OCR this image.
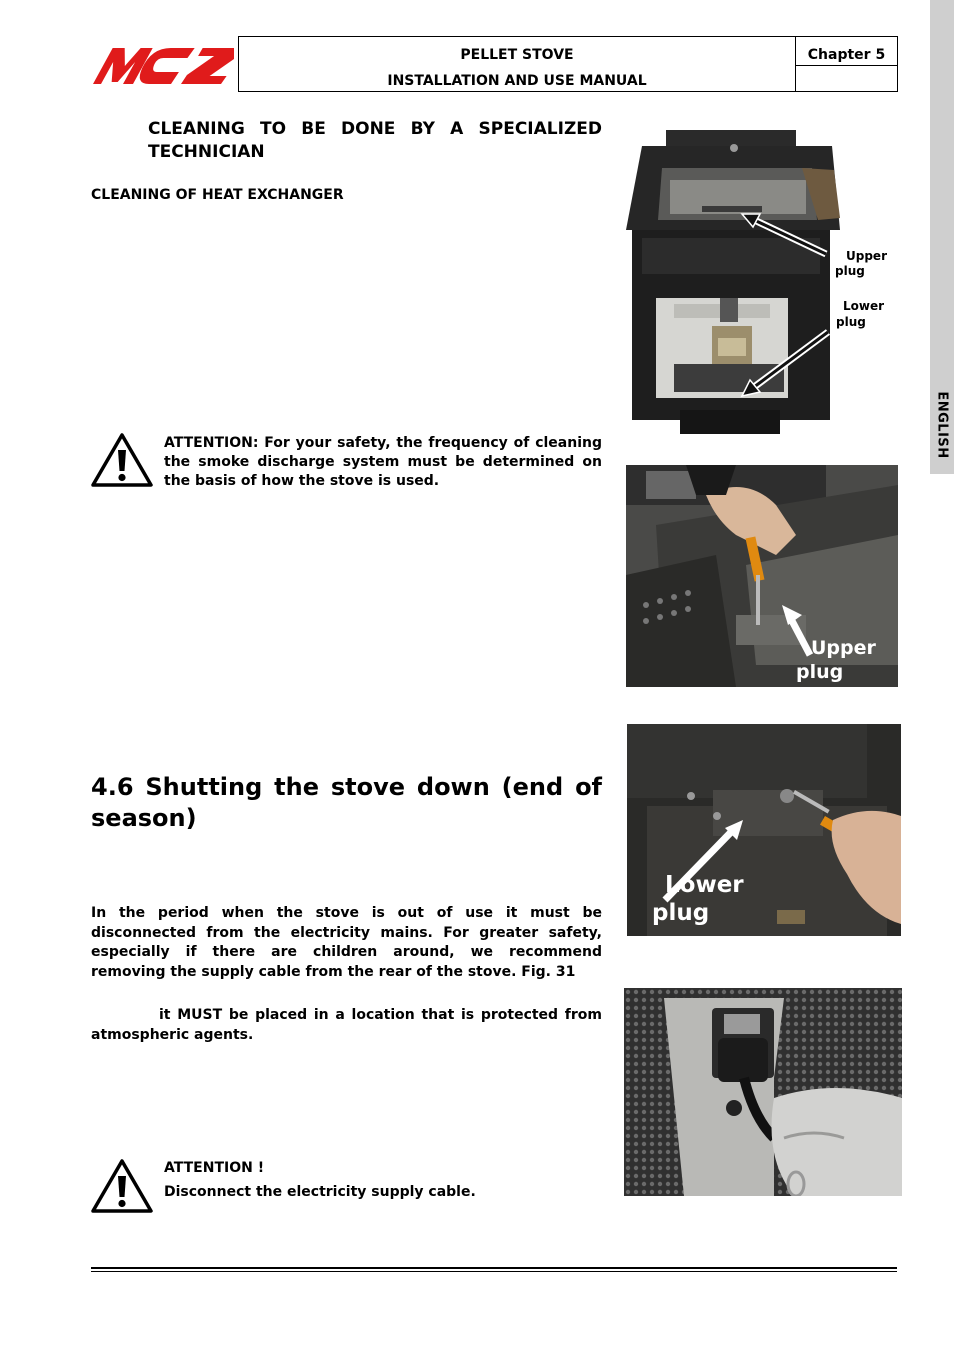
PELLET STOVE
INSTALLATION AND USE MANUAL
Chapter 5
ENGLISH
CLEANING TO BE DONE BY A SPECIALIZED TECHNICIAN
CLEANING OF HEAT EXCHANGER
ATTENTION: For your safety, the frequency of cleaning the smoke discharge system must be determined on the basis of how the stove is used.
4.6 Shutting the stove down (end of season)
In the period when the stove is out of use it must be disconnected from the electricity mains. For greater safety, especially if there are children around, we recommend removing the supply cable from the rear of the stove. Fig. 31
it MUST be placed in a location that is protected from atmospheric agents.
ATTENTION !
Disconnect the electricity supply cable.
Upper
plug
Lower
plug
Upper
plug
Lower
plug
